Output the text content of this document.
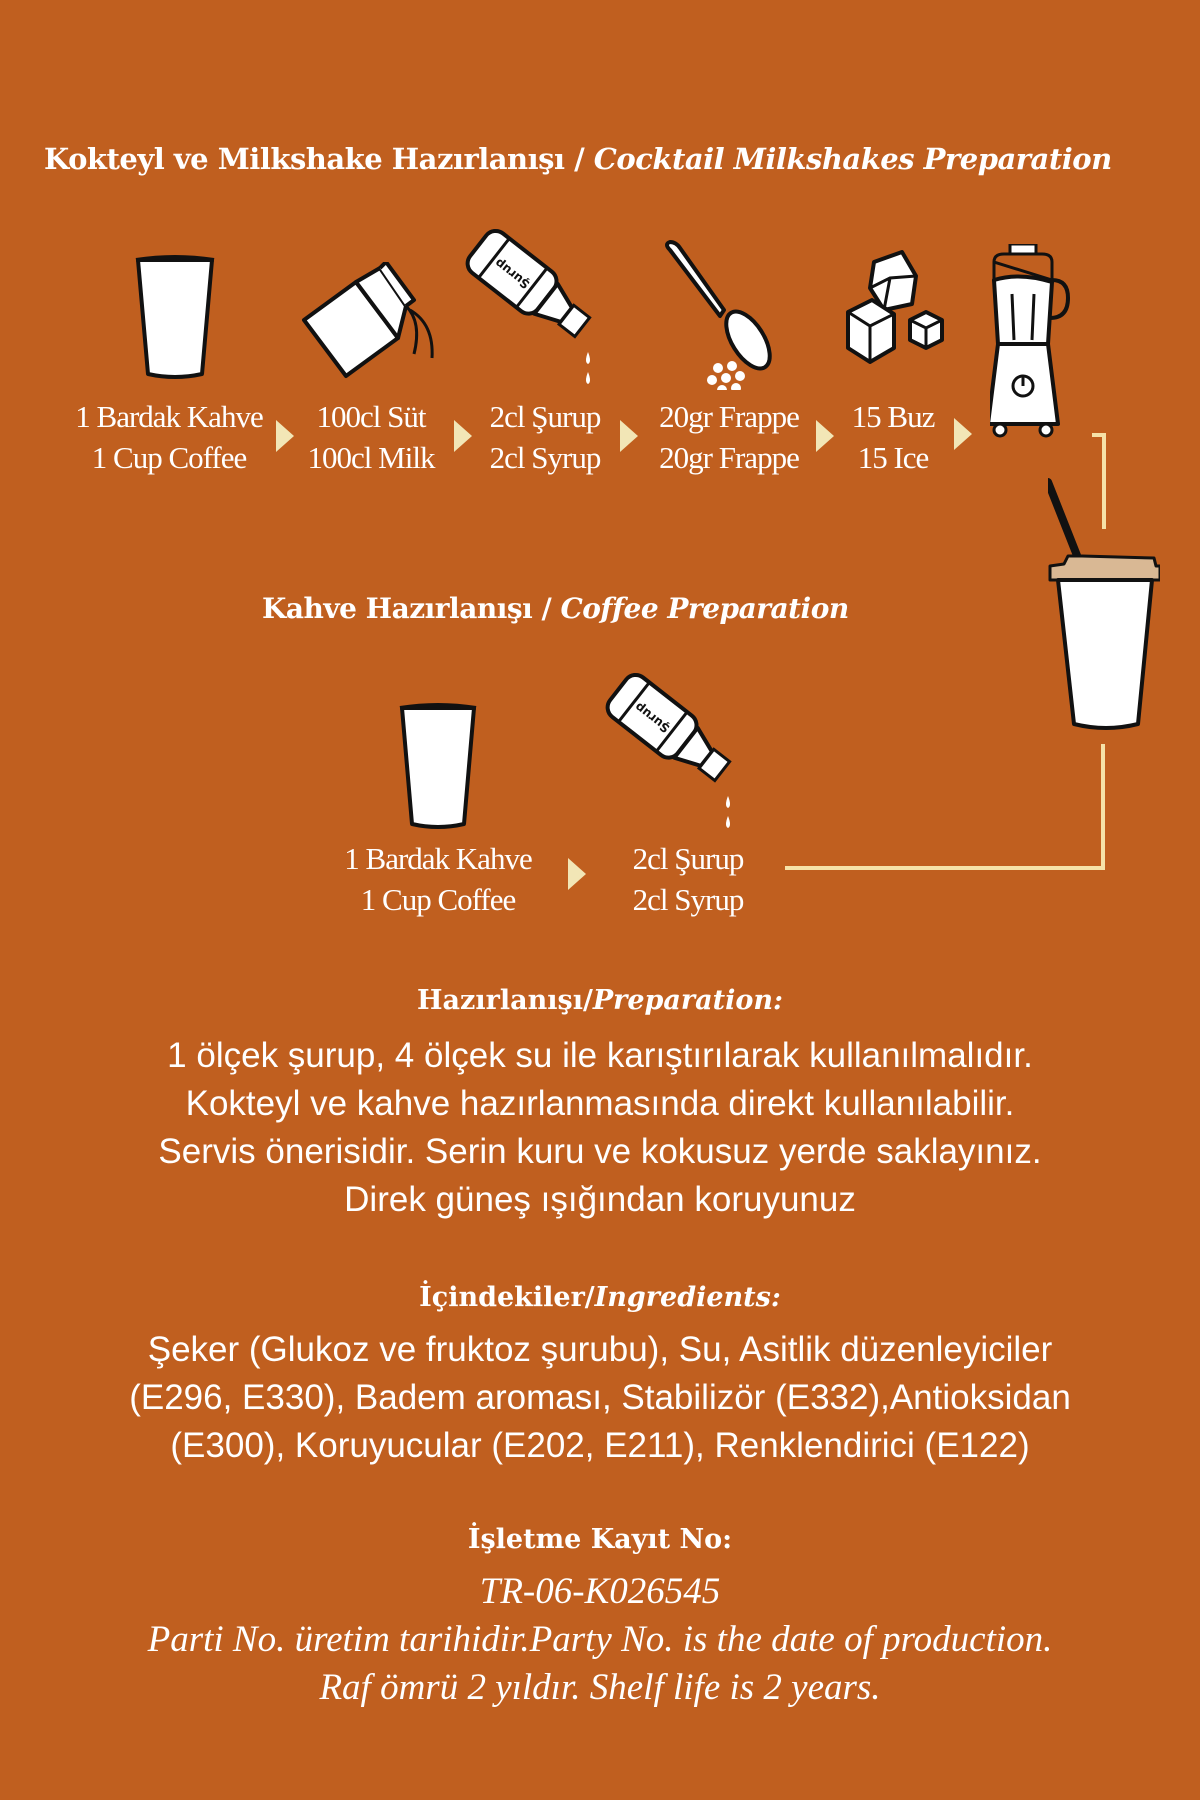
Kokteyl ve Milkshake Hazırlanışı / Cocktail Milkshakes Preparation
1 Bardak Kahve
1 Cup Coffee
100cl Süt
100cl Milk
Şurup
2cl Şurup
2cl Syrup
20gr Frappe
20gr Frappe
15 Buz
15 Ice
Kahve Hazırlanışı / Coffee Preparation
1 Bardak Kahve
1 Cup Coffee
Şurup
2cl Şurup
2cl Syrup
Hazırlanışı/Preparation:
1 ölçek şurup, 4 ölçek su ile karıştırılarak kullanılmalıdır.
Kokteyl ve kahve hazırlanmasında direkt kullanılabilir.
Servis önerisidir. Serin kuru ve kokusuz yerde saklayınız.
Direk güneş ışığından koruyunuz
İçindekiler/Ingredients:
Şeker (Glukoz ve fruktoz şurubu), Su, Asitlik düzenleyiciler
(E296, E330), Badem aroması, Stabilizör (E332),Antioksidan
(E300), Koruyucular (E202, E211), Renklendirici (E122)
İşletme Kayıt No:
TR-06-K026545
Parti No. üretim tarihidir.Party No. is the date of production.
Raf ömrü 2 yıldır. Shelf life is 2 years.
